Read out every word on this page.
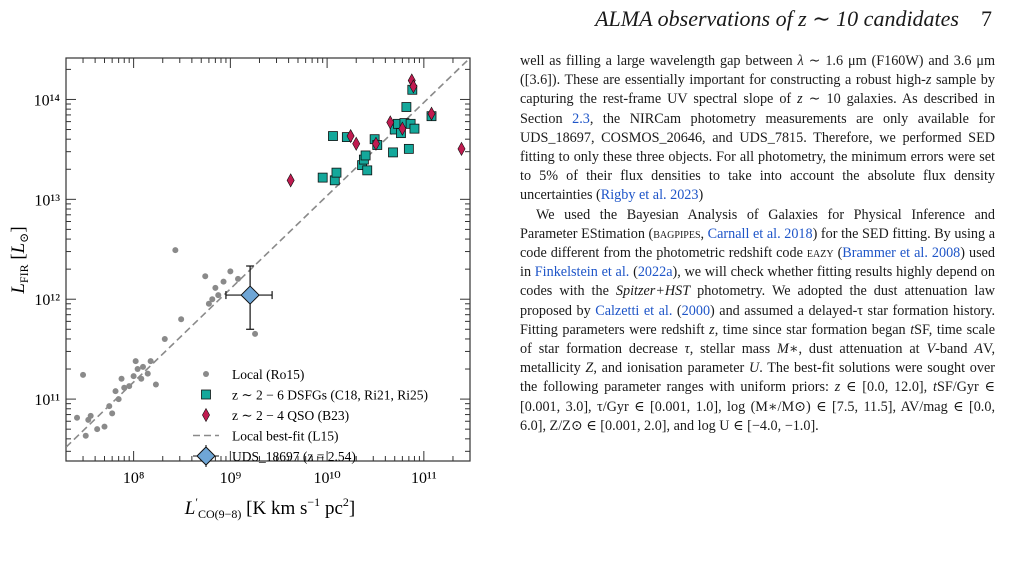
ALMA observations of z ∼ 10 candidates 7
10⁸	10⁹	10¹⁰	10¹¹
10¹¹
10¹²
10¹³
10¹⁴
Local (Ro15)
z ∼ 2 − 6 DSFGs (C18, Ri21, Ri25)
z ∼ 2 − 4 QSO (B23)
Local best-fit (L15)
UDS_18697 (z = 2.54)
$L_{FIR}$ $[L_⊙]$
$L'_{CO(9-8)}$ [K km $s^{-1}$ $pc^2$]

well as filling a large wavelength gap between λ ∼ 1.6 μm (F160W) and 3.6 μm ([3.6]). These are essentially important for constructing a robust high-z sample by capturing the rest-frame UV spectral slope of z ∼ 10 galaxies. As described in Section 2.3, the NIRCam photometry measurements are only available for UDS_18697, COSMOS_20646, and UDS_7815. Therefore, we performed SED fitting to only these three objects. For all photometry, the minimum errors were set to 5% of their flux densities to take into account the absolute flux density uncertainties (Rigby et al. 2023)

We used the Bayesian Analysis of Galaxies for Physical Inference and Parameter EStimation (bagpipes, Carnall et al. 2018) for the SED fitting. By using a code different from the photometric redshift code eazy (Brammer et al. 2008) used in Finkelstein et al. (2022a), we will check whether fitting results highly depend on codes with the Spitzer+HST photometry. We adopted the dust attenuation law proposed by Calzetti et al. (2000) and assumed a delayed-τ star formation history. Fitting parameters were redshift z, time since star formation began tSF, time scale of star formation decrease τ, stellar mass M∗, dust attenuation at V-band AV, metallicity Z, and ionisation parameter U. The best-fit solutions were sought over the following parameter ranges with uniform priors: z ∈ [0.0, 12.0], tSF/Gyr ∈ [0.001, 3.0], τ/Gyr ∈ [0.001, 1.0], log (M∗/M⊙) ∈ [7.5, 11.5], AV/mag ∈ [0.0, 6.0], Z/Z⊙ ∈ [0.001, 2.0], and log U ∈ [−4.0, −1.0].
